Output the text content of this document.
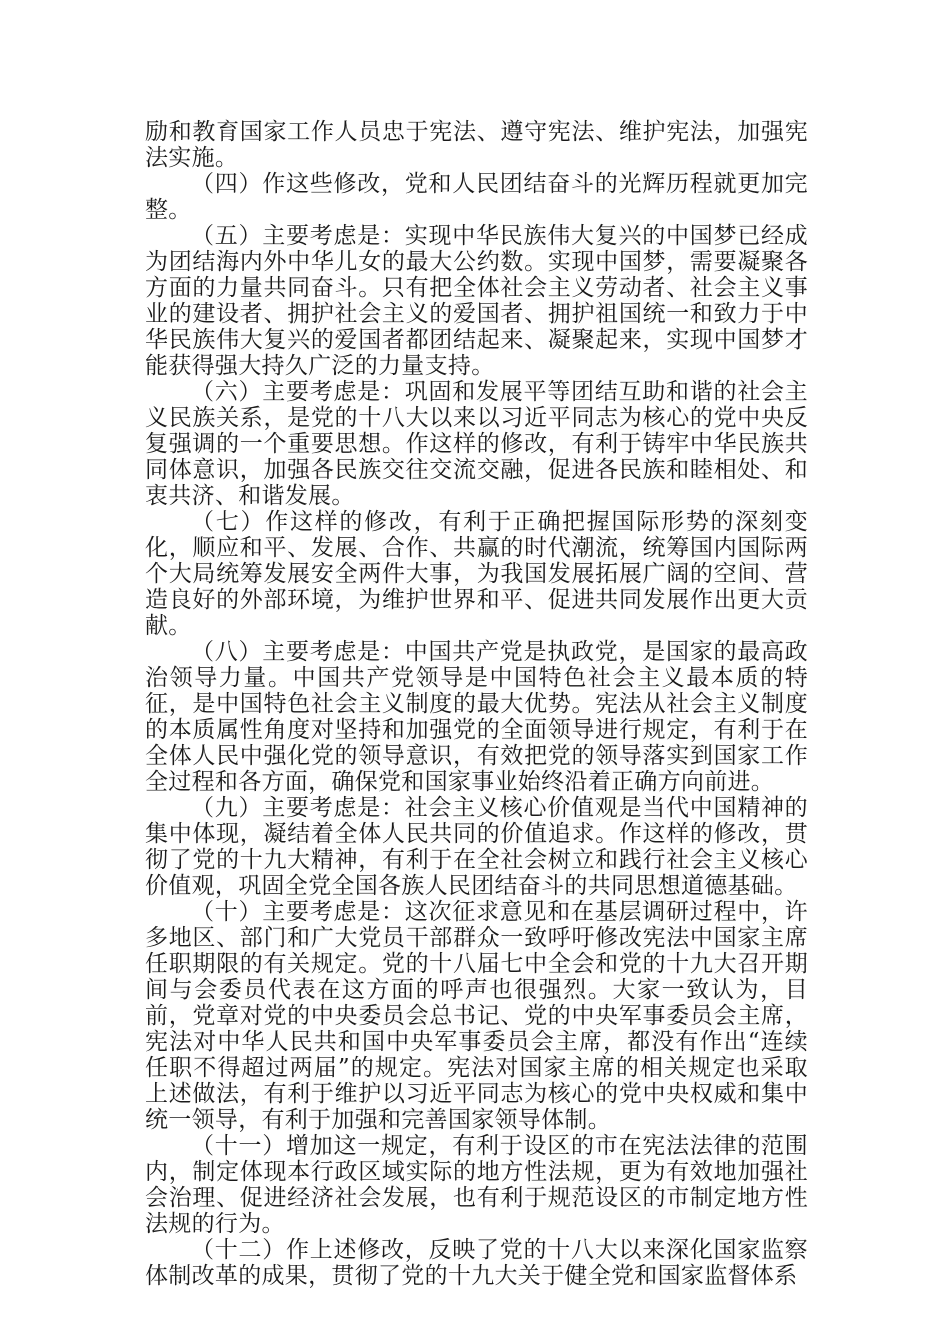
励和教育国家工作人员忠于宪法、遵守宪法、维护宪法，加强宪法实施。

（四）作这些修改，党和人民团结奋斗的光辉历程就更加完整。

（五）主要考虑是：实现中华民族伟大复兴的中国梦已经成为团结海内外中华儿女的最大公约数。实现中国梦，需要凝聚各方面的力量共同奋斗。只有把全体社会主义劳动者、社会主义事业的建设者、拥护社会主义的爱国者、拥护祖国统一和致力于中华民族伟大复兴的爱国者都团结起来、凝聚起来，实现中国梦才能获得强大持久广泛的力量支持。

（六）主要考虑是：巩固和发展平等团结互助和谐的社会主义民族关系，是党的十八大以来以习近平同志为核心的党中央反复强调的一个重要思想。作这样的修改，有利于铸牢中华民族共同体意识，加强各民族交往交流交融，促进各民族和睦相处、和衷共济、和谐发展。

（七）作这样的修改，有利于正确把握国际形势的深刻变化，顺应和平、发展、合作、共赢的时代潮流，统筹国内国际两个大局统筹发展安全两件大事，为我国发展拓展广阔的空间、营造良好的外部环境，为维护世界和平、促进共同发展作出更大贡献。

（八）主要考虑是：中国共产党是执政党，是国家的最高政治领导力量。中国共产党领导是中国特色社会主义最本质的特征，是中国特色社会主义制度的最大优势。宪法从社会主义制度的本质属性角度对坚持和加强党的全面领导进行规定，有利于在全体人民中强化党的领导意识，有效把党的领导落实到国家工作全过程和各方面，确保党和国家事业始终沿着正确方向前进。

（九）主要考虑是：社会主义核心价值观是当代中国精神的集中体现，凝结着全体人民共同的价值追求。作这样的修改，贯彻了党的十九大精神，有利于在全社会树立和践行社会主义核心价值观，巩固全党全国各族人民团结奋斗的共同思想道德基础。

（十）主要考虑是：这次征求意见和在基层调研过程中，许多地区、部门和广大党员干部群众一致呼吁修改宪法中国家主席任职期限的有关规定。党的十八届七中全会和党的十九大召开期间与会委员代表在这方面的呼声也很强烈。大家一致认为，目前，党章对党的中央委员会总书记、党的中央军事委员会主席，宪法对中华人民共和国中央军事委员会主席，都没有作出“连续任职不得超过两届”的规定。宪法对国家主席的相关规定也采取上述做法，有利于维护以习近平同志为核心的党中央权威和集中统一领导，有利于加强和完善国家领导体制。

（十一）增加这一规定，有利于设区的市在宪法法律的范围内，制定体现本行政区域实际的地方性法规，更为有效地加强社会治理、促进经济社会发展，也有利于规范设区的市制定地方性法规的行为。

（十二）作上述修改，反映了党的十八大以来深化国家监察体制改革的成果，贯彻了党的十九大关于健全党和国家监督体系
